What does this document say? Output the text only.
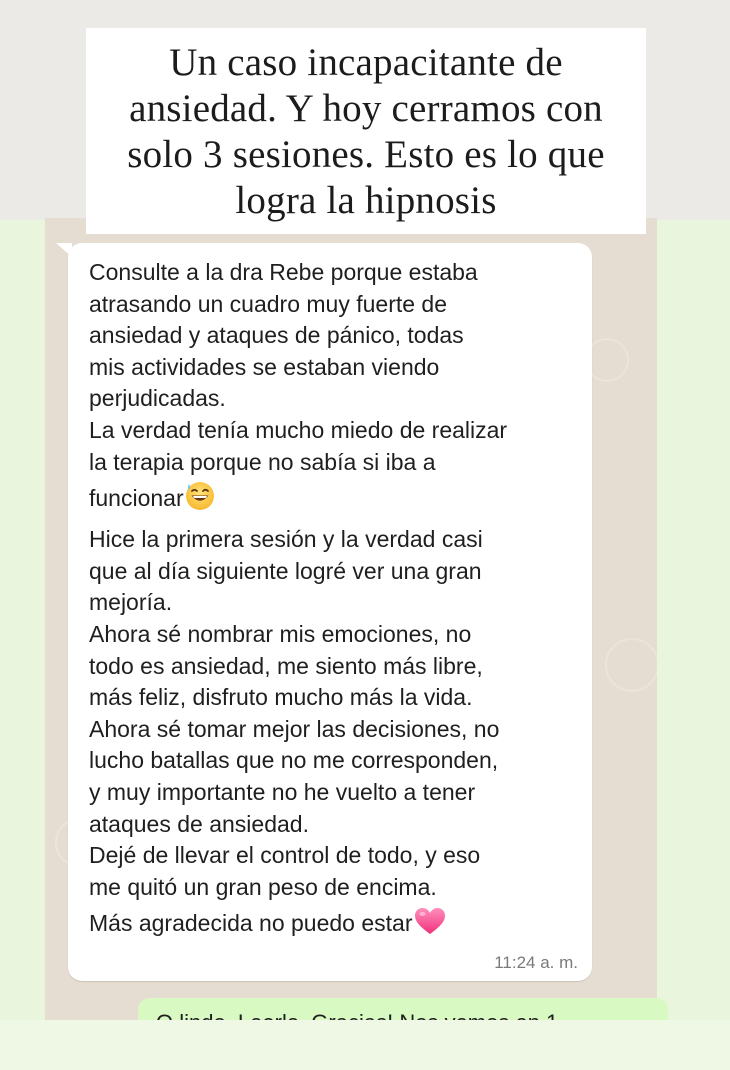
Un caso incapacitante de
ansiedad. Y hoy cerramos con
solo 3 sesiones. Esto es lo que
logra la hipnosis
Consulte a la dra Rebe porque estaba
atrasando un cuadro muy fuerte de
ansiedad y ataques de pánico, todas
mis actividades se estaban viendo
perjudicadas.
La verdad tenía mucho miedo de realizar
la terapia porque no sabía si iba a
funcionar
Hice la primera sesión y la verdad casi
que al día siguiente logré ver una gran
mejoría.
Ahora sé nombrar mis emociones, no
todo es ansiedad, me siento más libre,
más feliz, disfruto mucho más la vida.
Ahora sé tomar mejor las decisiones, no
lucho batallas que no me corresponden,
y muy importante no he vuelto a tener
ataques de ansiedad.
Dejé de llevar el control de todo, y eso
me quitó un gran peso de encima.
Más agradecida no puedo estar
11:24 a. m.
